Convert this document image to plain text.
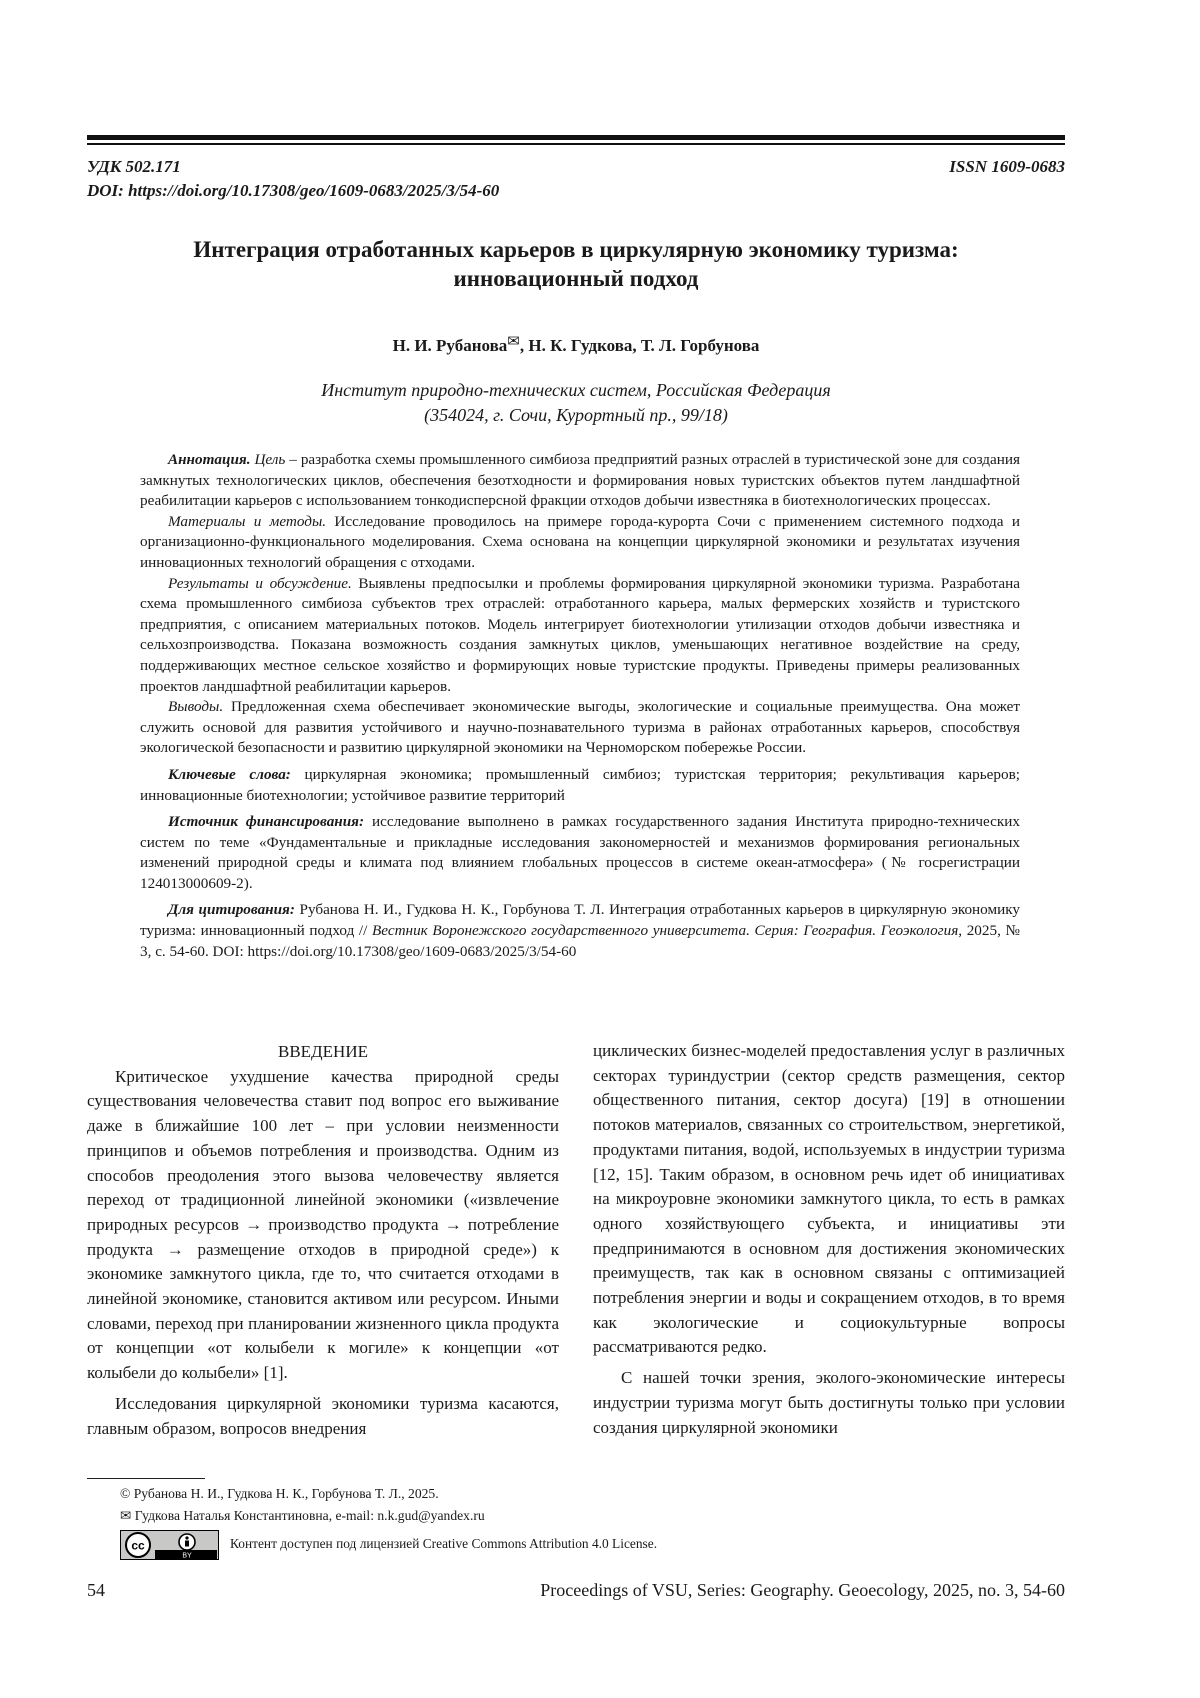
УДК 502.171	ISSN 1609-0683
DOI: https://doi.org/10.17308/geo/1609-0683/2025/3/54-60
Интеграция отработанных карьеров в циркулярную экономику туризма:
инновационный подход
Н. И. Рубанова✉, Н. К. Гудкова, Т. Л. Горбунова
Институт природно-технических систем, Российская Федерация
(354024, г. Сочи, Курортный пр., 99/18)

Аннотация. Цель – разработка схемы промышленного симбиоза предприятий разных отраслей в туристической зоне для создания замкнутых технологических циклов, обеспечения безотходности и формирования новых туристских объектов путем ландшафтной реабилитации карьеров с использованием тонкодисперсной фракции отходов добычи известняка в биотехнологических процессах.

Материалы и методы. Исследование проводилось на примере города-курорта Сочи с применением системного подхода и организационно-функционального моделирования. Схема основана на концепции циркулярной экономики и результатах изучения инновационных технологий обращения с отходами.

Результаты и обсуждение. Выявлены предпосылки и проблемы формирования циркулярной экономики туризма. Разработана схема промышленного симбиоза субъектов трех отраслей: отработанного карьера, малых фермерских хозяйств и туристского предприятия, с описанием материальных потоков. Модель интегрирует биотехнологии утилизации отходов добычи известняка и сельхозпроизводства. Показана возможность создания замкнутых циклов, уменьшающих негативное воздействие на среду, поддерживающих местное сельское хозяйство и формирующих новые туристские продукты. Приведены примеры реализованных проектов ландшафтной реабилитации карьеров.

Выводы. Предложенная схема обеспечивает экономические выгоды, экологические и социальные преимущества. Она может служить основой для развития устойчивого и научно-познавательного туризма в районах отработанных карьеров, способствуя экологической безопасности и развитию циркулярной экономики на Черноморском побережье России.

Ключевые слова: циркулярная экономика; промышленный симбиоз; туристская территория; рекультивация карьеров; инновационные биотехнологии; устойчивое развитие территорий

Источник финансирования: исследование выполнено в рамках государственного задания Института природно-технических систем по теме «Фундаментальные и прикладные исследования закономерностей и механизмов формирования региональных изменений природной среды и климата под влиянием глобальных процессов в системе океан-атмосфера» (№ госрегистрации 124013000609-2).

Для цитирования: Рубанова Н. И., Гудкова Н. К., Горбунова Т. Л. Интеграция отработанных карьеров в циркулярную экономику туризма: инновационный подход // Вестник Воронежского государственного университета. Серия: География. Геоэкология, 2025, № 3, с. 54-60. DOI: https://doi.org/10.17308/geo/1609-0683/2025/3/54-60

ВВЕДЕНИЕ

Критическое ухудшение качества природной среды существования человечества ставит под вопрос его выживание даже в ближайшие 100 лет – при условии неизменности принципов и объемов потребления и производства. Одним из способов преодоления этого вызова человечеству является переход от традиционной линейной экономики («извлечение природных ресурсов → производство продукта → потребление продукта → размещение отходов в природной среде») к экономике замкнутого цикла, где то, что считается отходами в линейной экономике, становится активом или ресурсом. Иными словами, переход при планировании жизненного цикла продукта от концепции «от колыбели к могиле» к концепции «от колыбели до колыбели» [1].

Исследования циркулярной экономики туризма касаются, главным образом, вопросов внедрения

циклических бизнес-моделей предоставления услуг в различных секторах туриндустрии (сектор средств размещения, сектор общественного питания, сектор досуга) [19] в отношении потоков материалов, связанных со строительством, энергетикой, продуктами питания, водой, используемых в индустрии туризма [12, 15]. Таким образом, в основном речь идет об инициативах на микроуровне экономики замкнутого цикла, то есть в рамках одного хозяйствующего субъекта, и инициативы эти предпринимаются в основном для достижения экономических преимуществ, так как в основном связаны с оптимизацией потребления энергии и воды и сокращением отходов, в то время как экологические и социокультурные вопросы рассматриваются редко.

С нашей точки зрения, эколого-экономические интересы индустрии туризма могут быть достигнуты только при условии создания циркулярной экономики

© Рубанова Н. И., Гудкова Н. К., Горбунова Т. Л., 2025.
✉ Гудкова Наталья Константиновна, e-mail: n.k.gud@yandex.ru
cc
BY
Контент доступен под лицензией Creative Commons Attribution 4.0 License.
54	Proceedings of VSU, Series: Geography. Geoecology, 2025, no. 3, 54-60
